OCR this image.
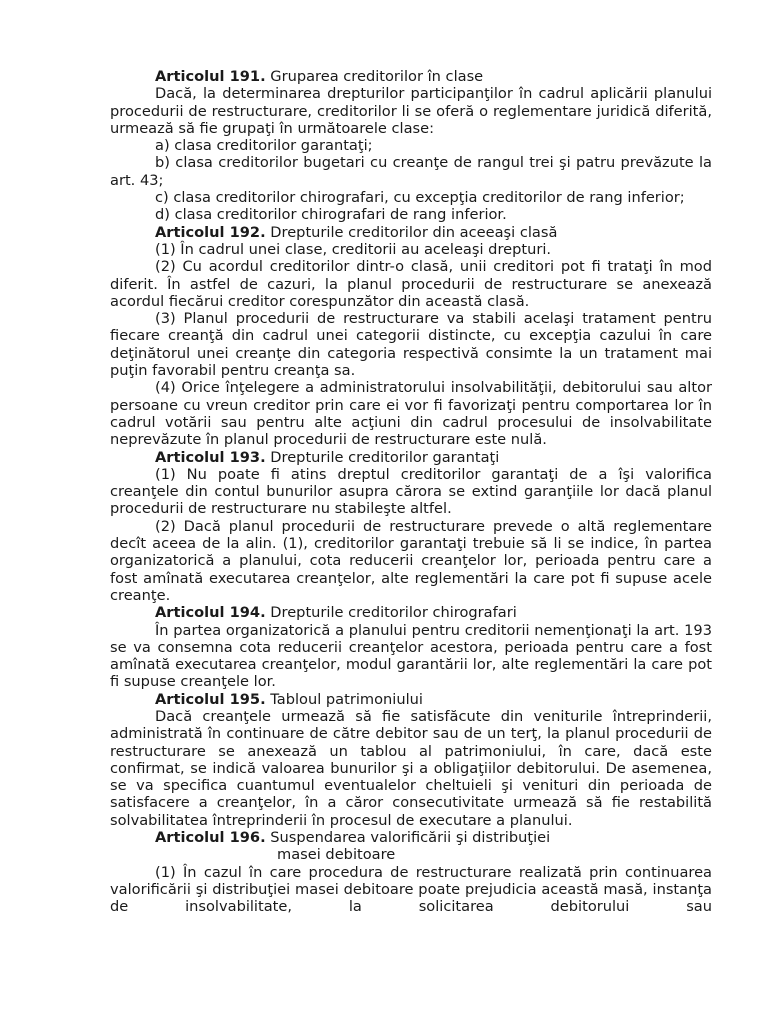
Articolul 191. Gruparea creditorilor în clase

Dacă, la determinarea drepturilor participanţilor în cadrul aplicării planului procedurii de restructurare, creditorilor li se oferă o reglementare juridică diferită, urmează să fie grupaţi în următoarele clase:

a) clasa creditorilor garantaţi;

b) clasa creditorilor bugetari cu creanţe de rangul trei şi patru prevăzute la art. 43;

c) clasa creditorilor chirografari, cu excepţia creditorilor de rang inferior;

d) clasa creditorilor chirografari de rang inferior.

Articolul 192. Drepturile creditorilor din aceeaşi clasă

(1) În cadrul unei clase, creditorii au aceleaşi drepturi.

(2) Cu acordul creditorilor dintr-o clasă, unii creditori pot fi trataţi în mod diferit. În astfel de cazuri, la planul procedurii de restructurare se anexează acordul fiecărui creditor corespunzător din această clasă.

(3) Planul procedurii de restructurare va stabili acelaşi tratament pentru fiecare creanţă din cadrul unei categorii distincte, cu excepţia cazului în care deţinătorul unei creanţe din categoria respectivă consimte la un tratament mai puţin favorabil pentru creanţa sa.

(4) Orice înţelegere a administratorului insolvabilităţii, debitorului sau altor persoane cu vreun creditor prin care ei vor fi favorizaţi pentru comportarea lor în cadrul votării sau pentru alte acţiuni din cadrul procesului de insolvabilitate neprevăzute în planul procedurii de restructurare este nulă.

Articolul 193. Drepturile creditorilor garantaţi

(1) Nu poate fi atins dreptul creditorilor garantaţi de a îşi valorifica creanţele din contul bunurilor asupra cărora se extind garanţiile lor dacă planul procedurii de restructurare nu stabileşte altfel.

(2) Dacă planul procedurii de restructurare prevede o altă reglementare decît aceea de la alin. (1), creditorilor garantaţi trebuie să li se indice, în partea organizatorică a planului, cota reducerii creanţelor lor, perioada pentru care a fost amînată executarea creanţelor, alte reglementări la care pot fi supuse acele creanţe.

Articolul 194. Drepturile creditorilor chirografari

În partea organizatorică a planului pentru creditorii nemenţionaţi la art. 193 se va consemna cota reducerii creanţelor acestora, perioada pentru care a fost amînată executarea creanţelor, modul garantării lor, alte reglementări la care pot fi supuse creanţele lor.

Articolul 195. Tabloul patrimoniului

Dacă creanţele urmează să fie satisfăcute din veniturile întreprinderii, administrată în continuare de către debitor sau de un terţ, la planul procedurii de restructurare se anexează un tablou al patrimoniului, în care, dacă este confirmat, se indică valoarea bunurilor şi a obligaţiilor debitorului. De asemenea, se va specifica cuantumul eventualelor cheltuieli şi venituri din perioada de satisfacere a creanţelor, în a căror consecutivitate urmează să fie restabilită solvabilitatea întreprinderii în procesul de executare a planului.

Articolul 196. Suspendarea valorificării şi distribuţiei
masei debitoare

(1) În cazul în care procedura de restructurare realizată prin continuarea valorificării şi distribuţiei masei debitoare poate prejudicia această masă, instanţa de insolvabilitate, la solicitarea debitorului sau
